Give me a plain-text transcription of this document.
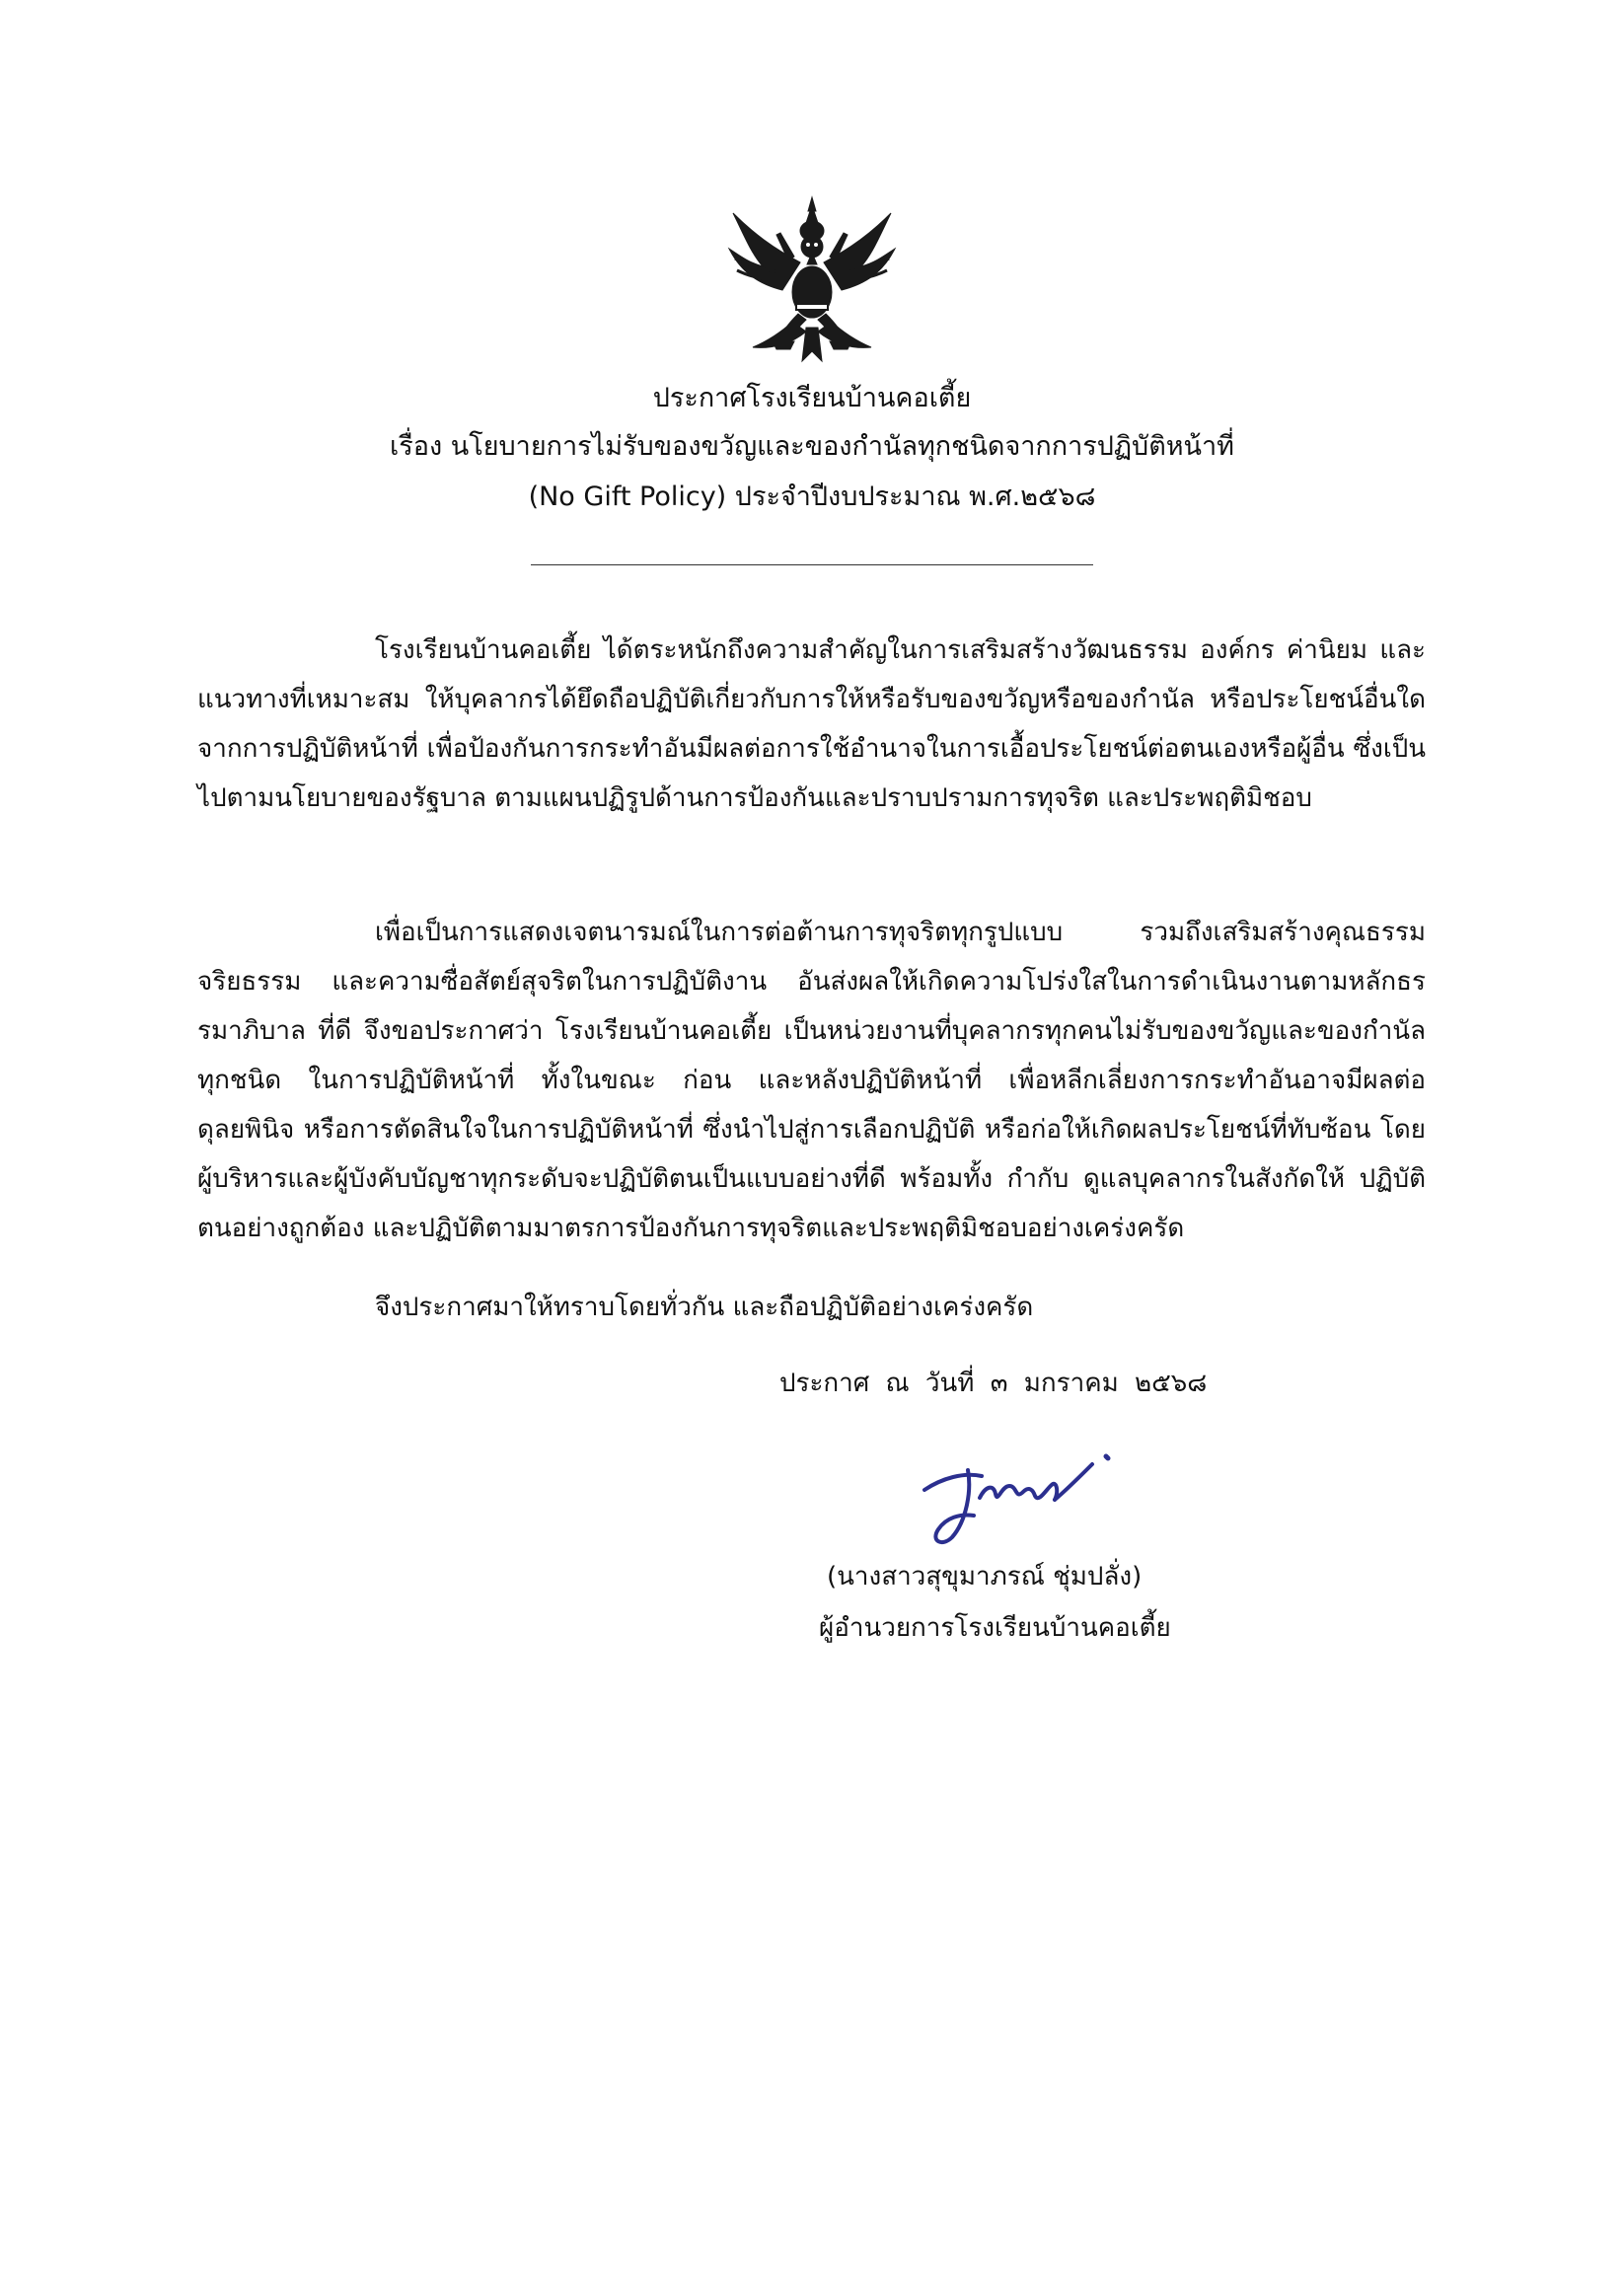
ประกาศโรงเรียนบ้านคอเตี้ย
เรื่อง นโยบายการไม่รับของขวัญและของกำนัลทุกชนิดจากการปฏิบัติหน้าที่
(No Gift Policy) ประจำปีงบประมาณ พ.ศ.๒๕๖๘
โรงเรียนบ้านคอเตี้ย ได้ตระหนักถึงความสำคัญในการเสริมสร้างวัฒนธรรม องค์กร ค่านิยม และแนวทางที่เหมาะสม ให้บุคลากรได้ยึดถือปฏิบัติเกี่ยวกับการให้หรือรับของขวัญหรือของกำนัล หรือประโยชน์อื่นใดจากการปฏิบัติหน้าที่ เพื่อป้องกันการกระทำอันมีผลต่อการใช้อำนาจในการเอื้อประโยชน์ต่อตนเองหรือผู้อื่น ซึ่งเป็นไปตามนโยบายของรัฐบาล ตามแผนปฏิรูปด้านการป้องกันและปราบปรามการทุจริต และประพฤติมิชอบ
เพื่อเป็นการแสดงเจตนารมณ์ในการต่อต้านการทุจริตทุกรูปแบบ รวมถึงเสริมสร้างคุณธรรม จริยธรรม และความซื่อสัตย์สุจริตในการปฏิบัติงาน อันส่งผลให้เกิดความโปร่งใสในการดำเนินงานตามหลักธรรมาภิบาล ที่ดี จึงขอประกาศว่า โรงเรียนบ้านคอเตี้ย เป็นหน่วยงานที่บุคลากรทุกคนไม่รับของขวัญและของกำนัลทุกชนิด ในการปฏิบัติหน้าที่ ทั้งในขณะ ก่อน และหลังปฏิบัติหน้าที่ เพื่อหลีกเลี่ยงการกระทำอันอาจมีผลต่อดุลยพินิจ หรือการตัดสินใจในการปฏิบัติหน้าที่ ซึ่งนำไปสู่การเลือกปฏิบัติ หรือก่อให้เกิดผลประโยชน์ที่ทับซ้อน โดย ผู้บริหารและผู้บังคับบัญชาทุกระดับจะปฏิบัติตนเป็นแบบอย่างที่ดี พร้อมทั้ง กำกับ ดูแลบุคลากรในสังกัดให้ ปฏิบัติตนอย่างถูกต้อง และปฏิบัติตามมาตรการป้องกันการทุจริตและประพฤติมิชอบอย่างเคร่งครัด
จึงประกาศมาให้ทราบโดยทั่วกัน และถือปฏิบัติอย่างเคร่งครัด
ประกาศ ณ วันที่ ๓ มกราคม ๒๕๖๘
(นางสาวสุขุมาภรณ์ ชุ่มปลั่ง)
ผู้อำนวยการโรงเรียนบ้านคอเตี้ย
